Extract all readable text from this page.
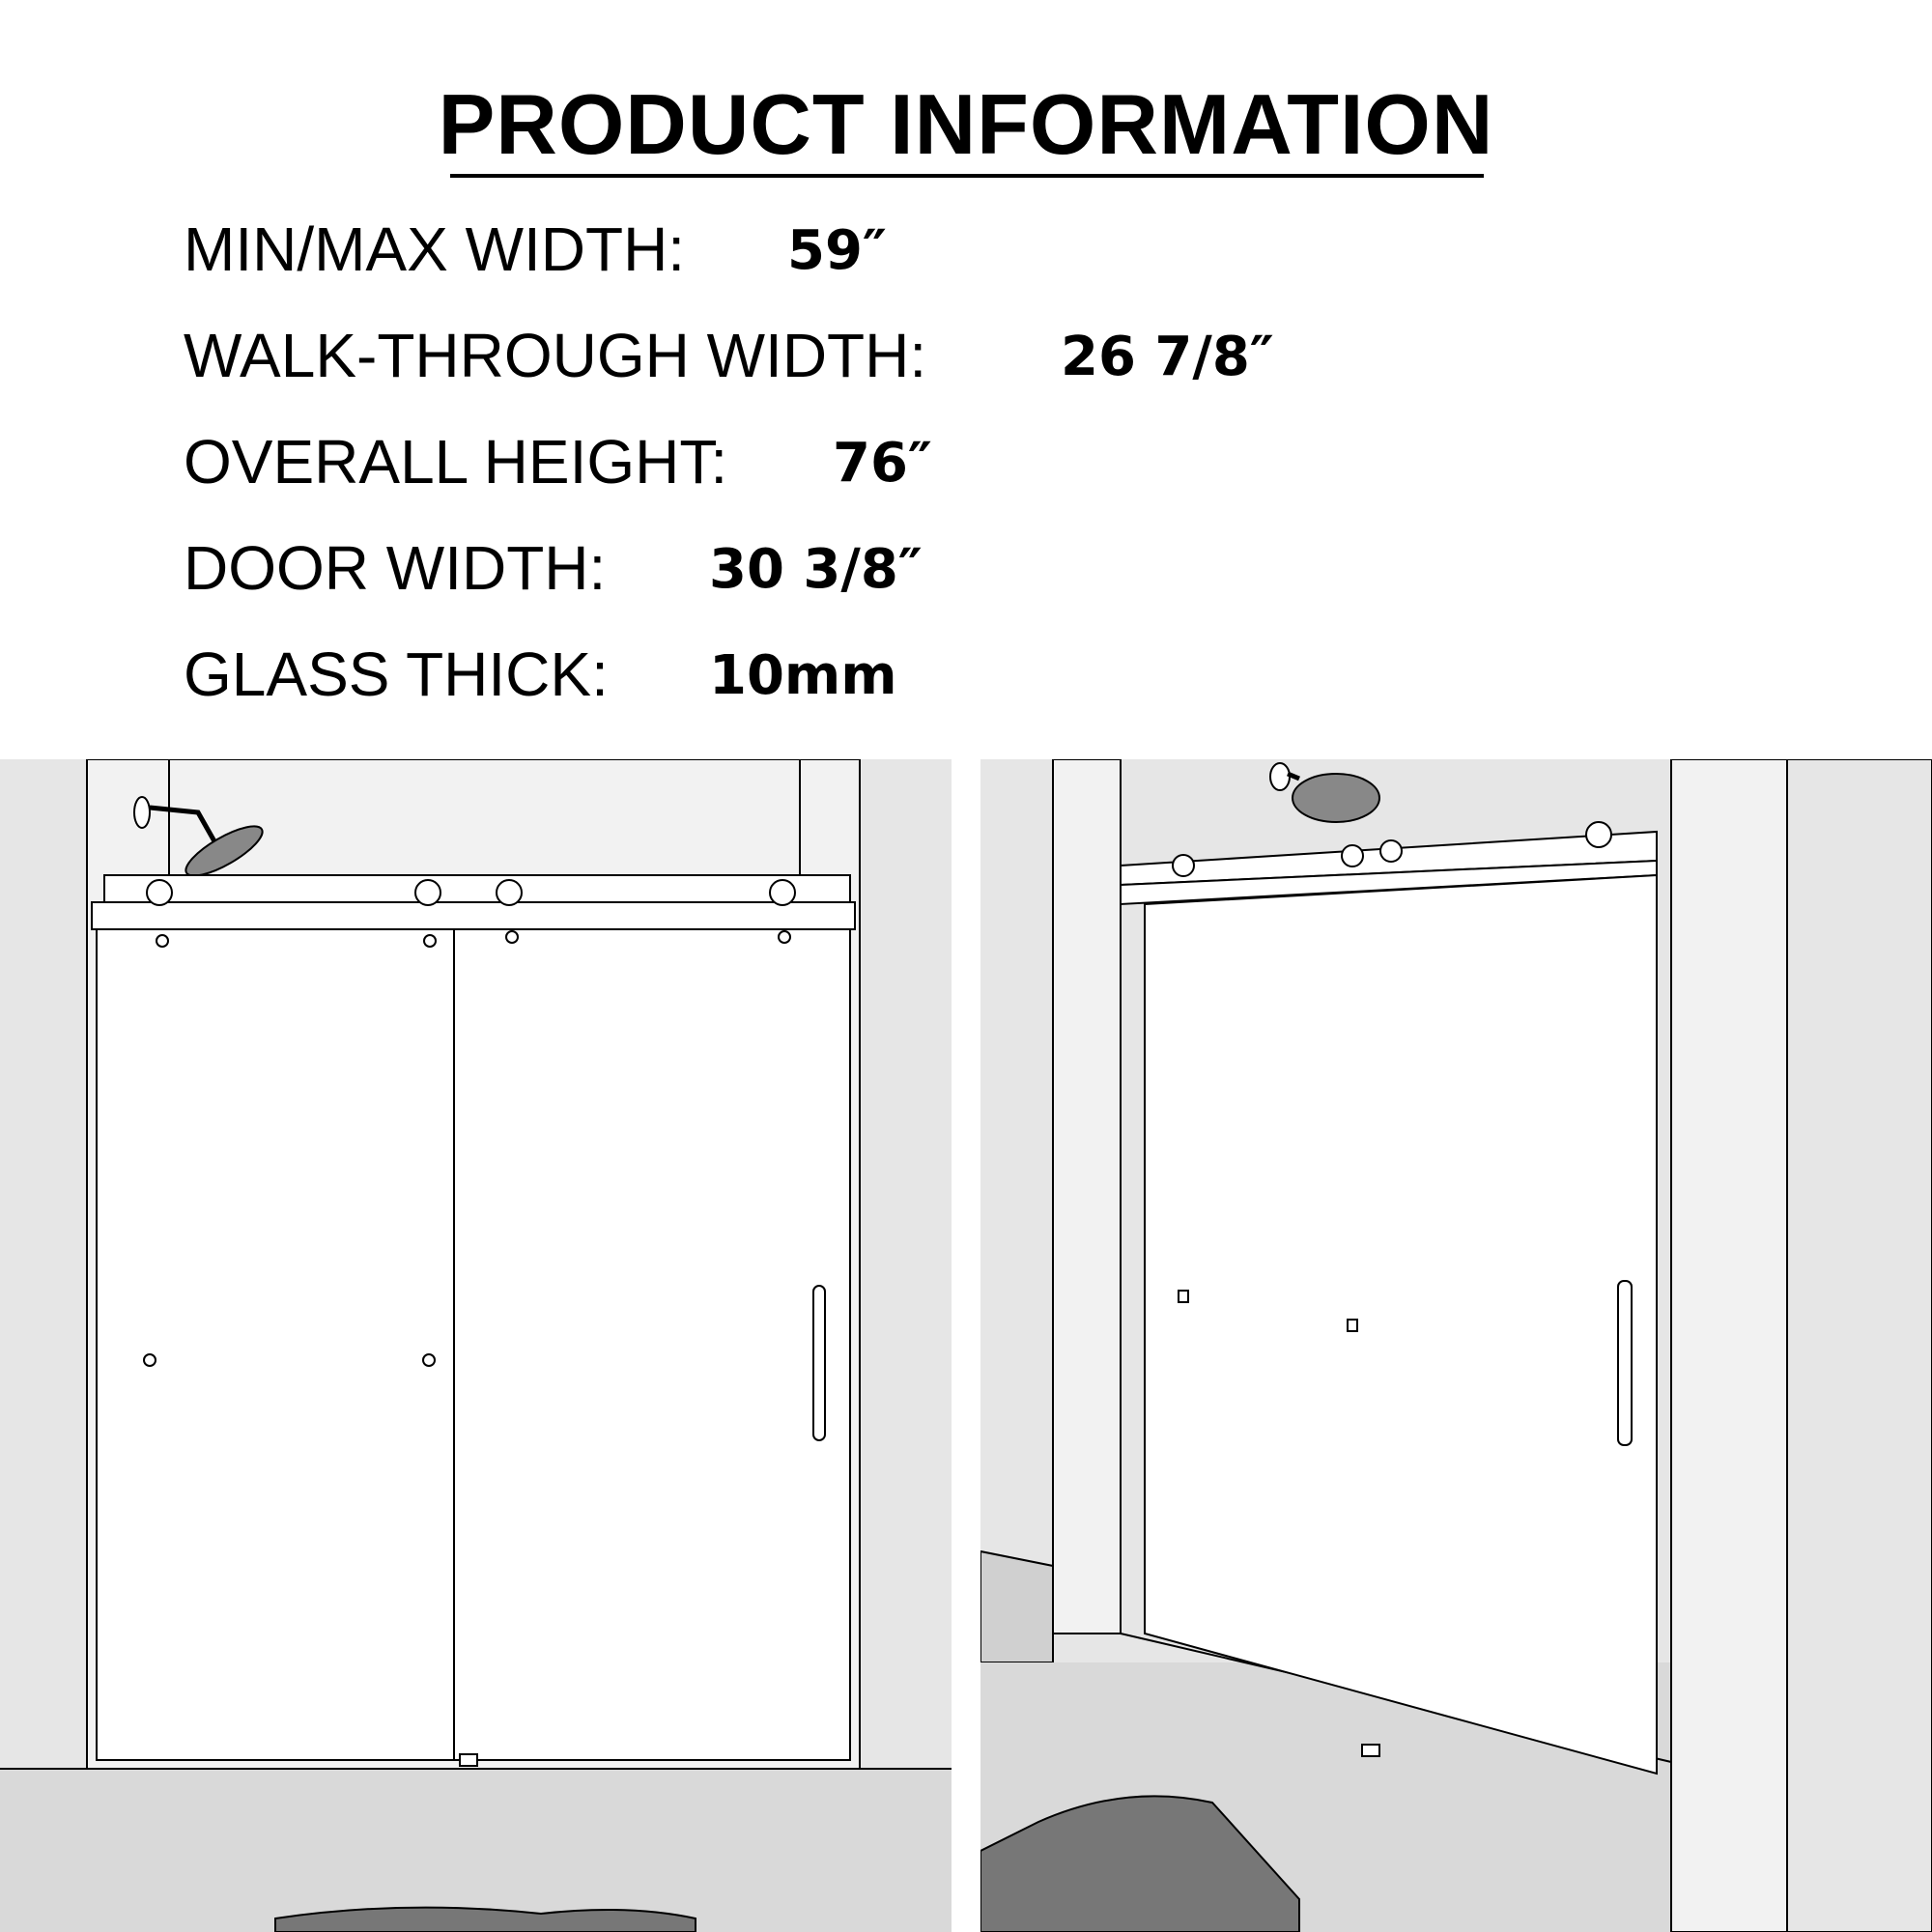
PRODUCT INFORMATION
MIN/MAX WIDTH: 59″
WALK-THROUGH WIDTH: 26 7/8″
OVERALL HEIGHT: 76″
DOOR WIDTH: 30 3/8″
GLASS THICK: 10mm
